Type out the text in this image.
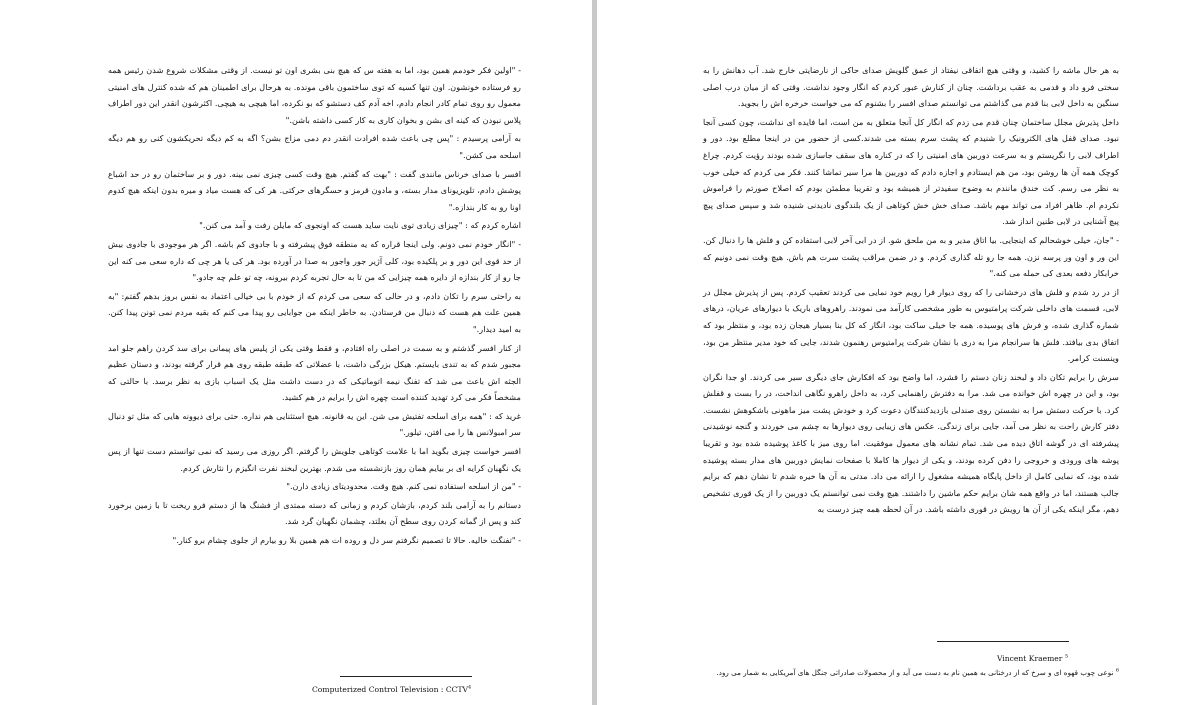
- "اولین فکر خودمم همین بود، اما به هفته س که هیچ بنی بشری اون تو نیست. از وقتی مشکلات شروع شدن رئیس همه رو فرستاده خونشون. اون تنها کسیه که توی ساختمون باقی مونده. به هرحال برای اطمینان هم که شده کنترل های امنیتی معمول رو روی تمام کادر انجام دادم، اخه آدم کف دستشو که بو نکرده، اما هیچی به هیچی. اکثرشون انقدر این دور اطراف پلاس نبودن که کینه ای بشن و بخوان کاری به کار کسی داشته باشن."

به آرامی پرسیدم : "پس چی باعث شده افرادت انقدر دم دمی مزاج بشن؟ اگه به کم دیگه تحریکشون کنی رو هم دیگه اسلحه می کشن."

افسر با صدای خرناس مانندی گفت : "بهت که گفتم. هیچ وقت کسی چیزی نمی بینه. دور و بر ساختمان رو در حد اشباع پوشش دادم، تلویزیونای مدار بسته، و مادون قرمز و حسگرهای حرکتی. هر کی که هست میاد و میره بدون اینکه هیچ کدوم اونا رو به کار بندازه."

اشاره کردم که : "چیزای زیادی توی نایت ساید هست که اونجوی که مایلن رفت و آمد می کنن."

- "انگار خودم نمی دونم. ولی اینجا قراره که یه منطقه فوق پیشرفته و با جادوی کم باشه. اگر هر موجودی با جادوی بیش از حد قوی این دور و بر پلکیده بود، کلی آژیر جور واجور به صدا در آورده بود. هر کی یا هر چی که داره سعی می کنه این جا رو از کار بندازه از دایره همه چیزایی که من تا به حال تجربه کردم بیرونه، چه تو علم چه جادو."

به راحتی سرم را تکان دادم، و در حالی که سعی می کردم که از خودم با بی خیالی اعتماد به نفس بروز بدهم گفتم: "به همین علت هم هست که دنبال من فرستادن. به خاطر اینکه من جوابایی رو پیدا می کنم که بقیه مردم نمی تونن پیدا کنن. به امید دیدار."

از کنار افسر گذشتم و به سمت در اصلی راه افتادم، و فقط وقتی یکی از پلیس های پیمانی برای سد کردن راهم جلو امد مجبور شدم که به تندی بایستم. هیکل بزرگی داشت، با عضلاتی که طبقه طبقه روی هم قرار گرفته بودند، و دستان عظیم الجثه اش باعث می شد که تفنگ نیمه اتوماتیکی که در دست داشت مثل یک اسباب بازی به نظر برسد. با حالتی که مشخصاً فکر می کرد تهدید کننده است چهره اش را برایم در هم کشید.

غرید که : "همه برای اسلحه تفتیش می شن. این یه قانونه. هیچ استثنایی هم نداره. حتی برای دیوونه هایی که مثل تو دنبال سر امبولانس ها را می افتن، تیلور."

افسر خواست چیزی بگوید اما با علامت کوتاهی جلویش را گرفتم. اگر روزی می رسید که نمی توانستم دست تنها از پس یک نگهبان کرایه ای بر بیایم همان روز بازنشسته می شدم. بهترین لبخند نفرت انگیزم را نثارش کردم.

- "من از اسلحه استفاده نمی کنم. هیچ وقت. محدودیتای زیادی دارن."

دستانم را به آرامی بلند کردم، بازشان کردم و زمانی که دسته ممتدی از فشنگ ها از دستم فرو ریخت تا با زمین برخورد کند و پس از گمانه کردن روی سطح آن بغلتد، چشمان نگهبان گرد شد.

- "تفنگت خالیه. حالا تا تصمیم نگرفتم سر دل و روده ات هم همین بلا رو بیارم از جلوی چشام برو کنار."

Computerized Control Television : CCTV$^4$

به هر حال ماشه را کشید، و وقتی هیچ اتفاقی نیفتاد از عمق گلویش صدای حاکی از نارضایتی خارج شد. آب دهانش را به سختی فرو داد و قدمی به عقب برداشت. چنان از کنارش عبور کردم که انگار وجود نداشت. وقتی که از میان درب اصلی سنگین به داخل لابی بنا قدم می گذاشتم می توانستم صدای افسر را بشنوم که می خواست خرخره اش را بجوید.

داخل پذیرش مجلل ساختمان چنان قدم می زدم که انگار کل آنجا متعلق به من است، اما فایده ای نداشت، چون کسی آنجا نبود. صدای قفل های الکترونیک را شنیدم که پشت سرم بسته می شدند.کسی از حضور من در اینجا مطلع بود. دور و اطراف لابی را نگریستم و به سرعت دوربین های امنیتی را که در کناره های سقف جاسازی شده بودند رؤیت کردم. چراغ کوچک همه آن ها روشن بود، من هم ایستادم و اجازه دادم که دوربین ها مرا سیر تماشا کنند. فکر می کردم که خیلی خوب به نظر می رسم. کت خندق مانندم به وضوح سفیدتر از همیشه بود و تقریبا مطمئن بودم که اصلاح صورتم را فراموش نکردم ام. ظاهر افراد می تواند مهم باشد. صدای خش خش کوتاهی از یک بلندگوی نادیدنی شنیده شد و سپس صدای پیچ پیچ آشنایی در لابی طنین انداز شد.

- "جان، خیلی خوشحالم که اینجایی. بیا اتاق مدیر و به من ملحق شو. از در ابی آخر لابی استفاده کن و فلش ها را دنبال کن. این ور و اون ور پرسه نزن. همه جا رو تله گذاری کردم. و در ضمن مراقب پشت سرت هم باش. هیچ وقت نمی دونیم که خرابکار دفعه بعدی کی حمله می کنه."

از در رد شدم و فلش های درخشانی را که روی دیوار فرا رویم خود نمایی می کردند تعقیب کردم. پس از پذیرش مجلل در لابی، قسمت های داخلی شرکت پرامتیوس به طور مشخصی کارآمد می نمودند. راهروهای باریک با دیوارهای عریان، درهای شماره گذاری شده، و فرش های پوسیده. همه جا خیلی ساکت بود، انگار که کل بنا بسیار هیجان زده بود، و منتظر بود که اتفاق بدی بیافتد. فلش ها سرانجام مرا به دری با نشان شرکت پرامتیوس رهنمون شدند، جایی که خود مدیر منتظر من بود، وینسنت کرامر.

سرش را برایم تکان داد و لبخند زنان دستم را فشرد، اما واضح بود که افکارش جای دیگری سیر می کردند. او جدا نگران بود، و این در چهره اش خوانده می شد. مرا به دفترش راهنمایی کرد، به داخل راهرو نگاهی انداخت، در را بست و قفلش کرد. با حرکت دستش مرا به نشستن روی صندلی بازدیدکنندگان دعوت کرد و خودش پشت میز ماهونی باشکوهش نشست. دفتر کارش راحت به نظر می آمد، جایی برای زندگی. عکس های زیبایی روی دیوارها به چشم می خوردند و گنجه نوشیدنی پیشرفته ای در گوشه اتاق دیده می شد. تمام نشانه های معمول موفقیت. اما روی میز با کاغذ پوشیده شده بود و تقریبا پوشه های ورودی و خروجی را دفن کرده بودند، و یکی از دیوار ها کاملا با صفحات نمایش دوربین های مدار بسته پوشیده شده بود، که نمایی کامل از داخل پایگاه همیشه مشغول را ارائه می داد. مدتی به آن ها خیره شدم تا نشان دهم که برایم جالب هستند، اما در واقع همه شان برایم حکم ماشین را داشتند. هیچ وقت نمی توانستم یک دوربین را از یک قوری تشخیص دهم، مگر اینکه یکی از آن ها رویش در قوری داشته باشد. در آن لحظه همه چیز درست به

Vincent Kraemer $^5$
$^6$ نوعی چوب قهوه ای و سرخ که از درختانی به همین نام به دست می آید و از محصولات صادراتی جنگل های آمریکایی به شمار می رود.
